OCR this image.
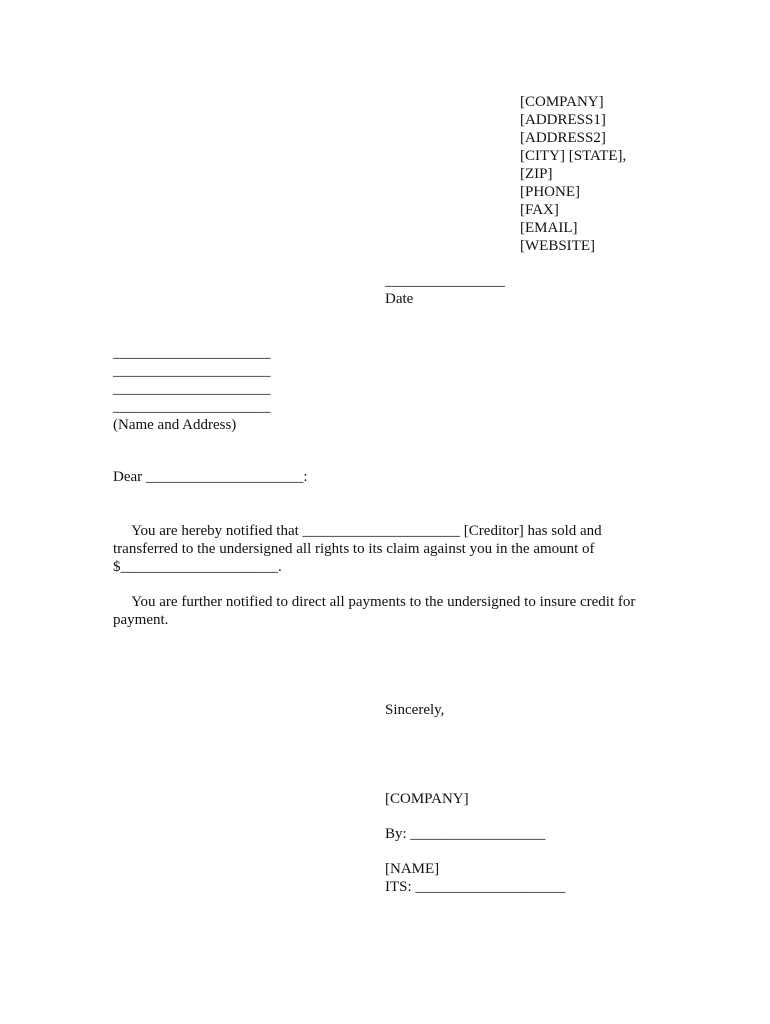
[COMPANY]
[ADDRESS1]
[ADDRESS2]
[CITY] [STATE],
[ZIP]
[PHONE]
[FAX]
[EMAIL]
[WEBSITE]
________________
Date
_____________________
_____________________
_____________________
_____________________
(Name and Address)
Dear _____________________:
You are hereby notified that _____________________ [Creditor] has sold and
transferred to the undersigned all rights to its claim against you in the amount of
$_____________________.
You are further notified to direct all payments to the undersigned to insure credit for
payment.
Sincerely,
[COMPANY]
By: __________________
[NAME]
ITS: ____________________
